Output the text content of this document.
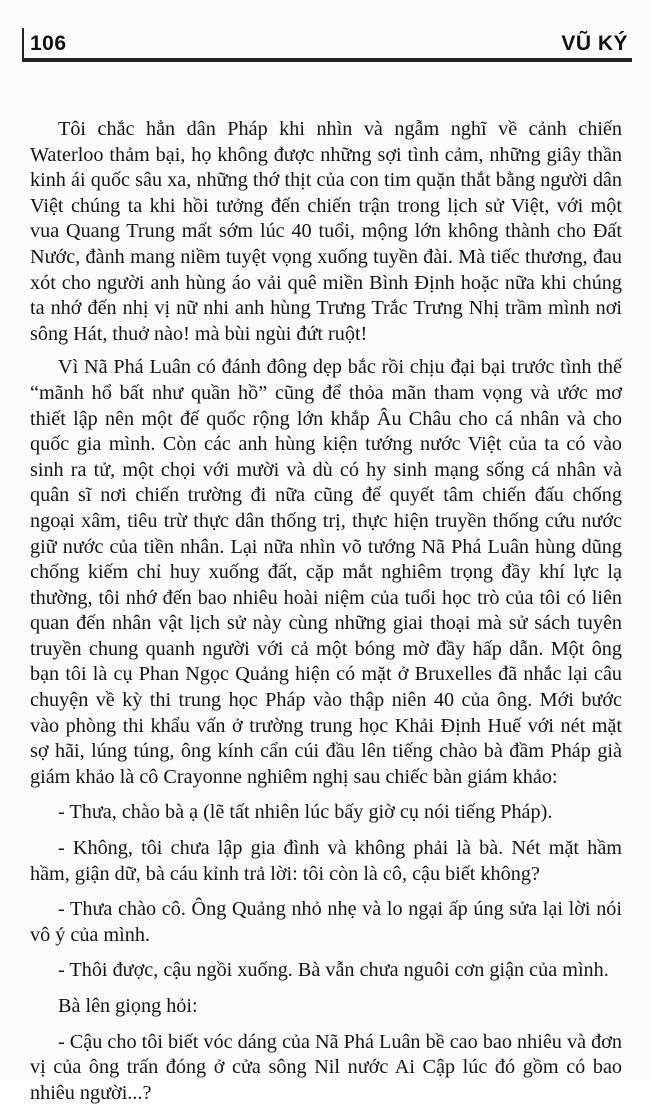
106	VŨ KÝ

Tôi chắc hẳn dân Pháp khi nhìn và ngẫm nghĩ về cảnh chiến Waterloo thảm bại, họ không được những sợi tình cảm, những giây thần kinh ái quốc sâu xa, những thớ thịt của con tim quặn thắt bằng người dân Việt chúng ta khi hồi tưởng đến chiến trận trong lịch sử Việt, với một vua Quang Trung mất sớm lúc 40 tuổi, mộng lớn không thành cho Đất Nước, đành mang niềm tuyệt vọng xuống tuyền đài. Mà tiếc thương, đau xót cho người anh hùng áo vải quê miền Bình Định hoặc nữa khi chúng ta nhớ đến nhị vị nữ nhi anh hùng Trưng Trắc Trưng Nhị trầm mình nơi sông Hát, thuở nào! mà bùi ngùi đứt ruột!

Vì Nã Phá Luân có đánh đông dẹp bắc rồi chịu đại bại trước tình thế “mãnh hổ bất như quần hồ” cũng để thỏa mãn tham vọng và ước mơ thiết lập nên một đế quốc rộng lớn khắp Âu Châu cho cá nhân và cho quốc gia mình. Còn các anh hùng kiện tướng nước Việt của ta có vào sinh ra tử, một chọi với mười và dù có hy sinh mạng sống cá nhân và quân sĩ nơi chiến trường đi nữa cũng để quyết tâm chiến đấu chống ngoại xâm, tiêu trừ thực dân thống trị, thực hiện truyền thống cứu nước giữ nước của tiền nhân. Lại nữa nhìn võ tướng Nã Phá Luân hùng dũng chống kiếm chỉ huy xuống đất, cặp mắt nghiêm trọng đầy khí lực lạ thường, tôi nhớ đến bao nhiêu hoài niệm của tuổi học trò của tôi có liên quan đến nhân vật lịch sử này cùng những giai thoại mà sử sách tuyên truyền chung quanh người với cả một bóng mờ đầy hấp dẫn. Một ông bạn tôi là cụ Phan Ngọc Quảng hiện có mặt ở Bruxelles đã nhắc lại câu chuyện về kỳ thi trung học Pháp vào thập niên 40 của ông. Mới bước vào phòng thi khẩu vấn ở trường trung học Khải Định Huế với nét mặt sợ hãi, lúng túng, ông kính cẩn cúi đầu lên tiếng chào bà đầm Pháp già giám khảo là cô Crayonne nghiêm nghị sau chiếc bàn giám khảo:

- Thưa, chào bà ạ (lẽ tất nhiên lúc bấy giờ cụ nói tiếng Pháp).

- Không, tôi chưa lập gia đình và không phải là bà. Nét mặt hầm hầm, giận dữ, bà cáu kỉnh trả lời: tôi còn là cô, cậu biết không?

- Thưa chào cô. Ông Quảng nhỏ nhẹ và lo ngại ấp úng sửa lại lời nói vô ý của mình.

- Thôi được, cậu ngồi xuống. Bà vẫn chưa nguôi cơn giận của mình.

Bà lên giọng hỏi:

- Cậu cho tôi biết vóc dáng của Nã Phá Luân bề cao bao nhiêu và đơn vị của ông trấn đóng ở cửa sông Nil nước Ai Cập lúc đó gồm có bao nhiêu người...?
